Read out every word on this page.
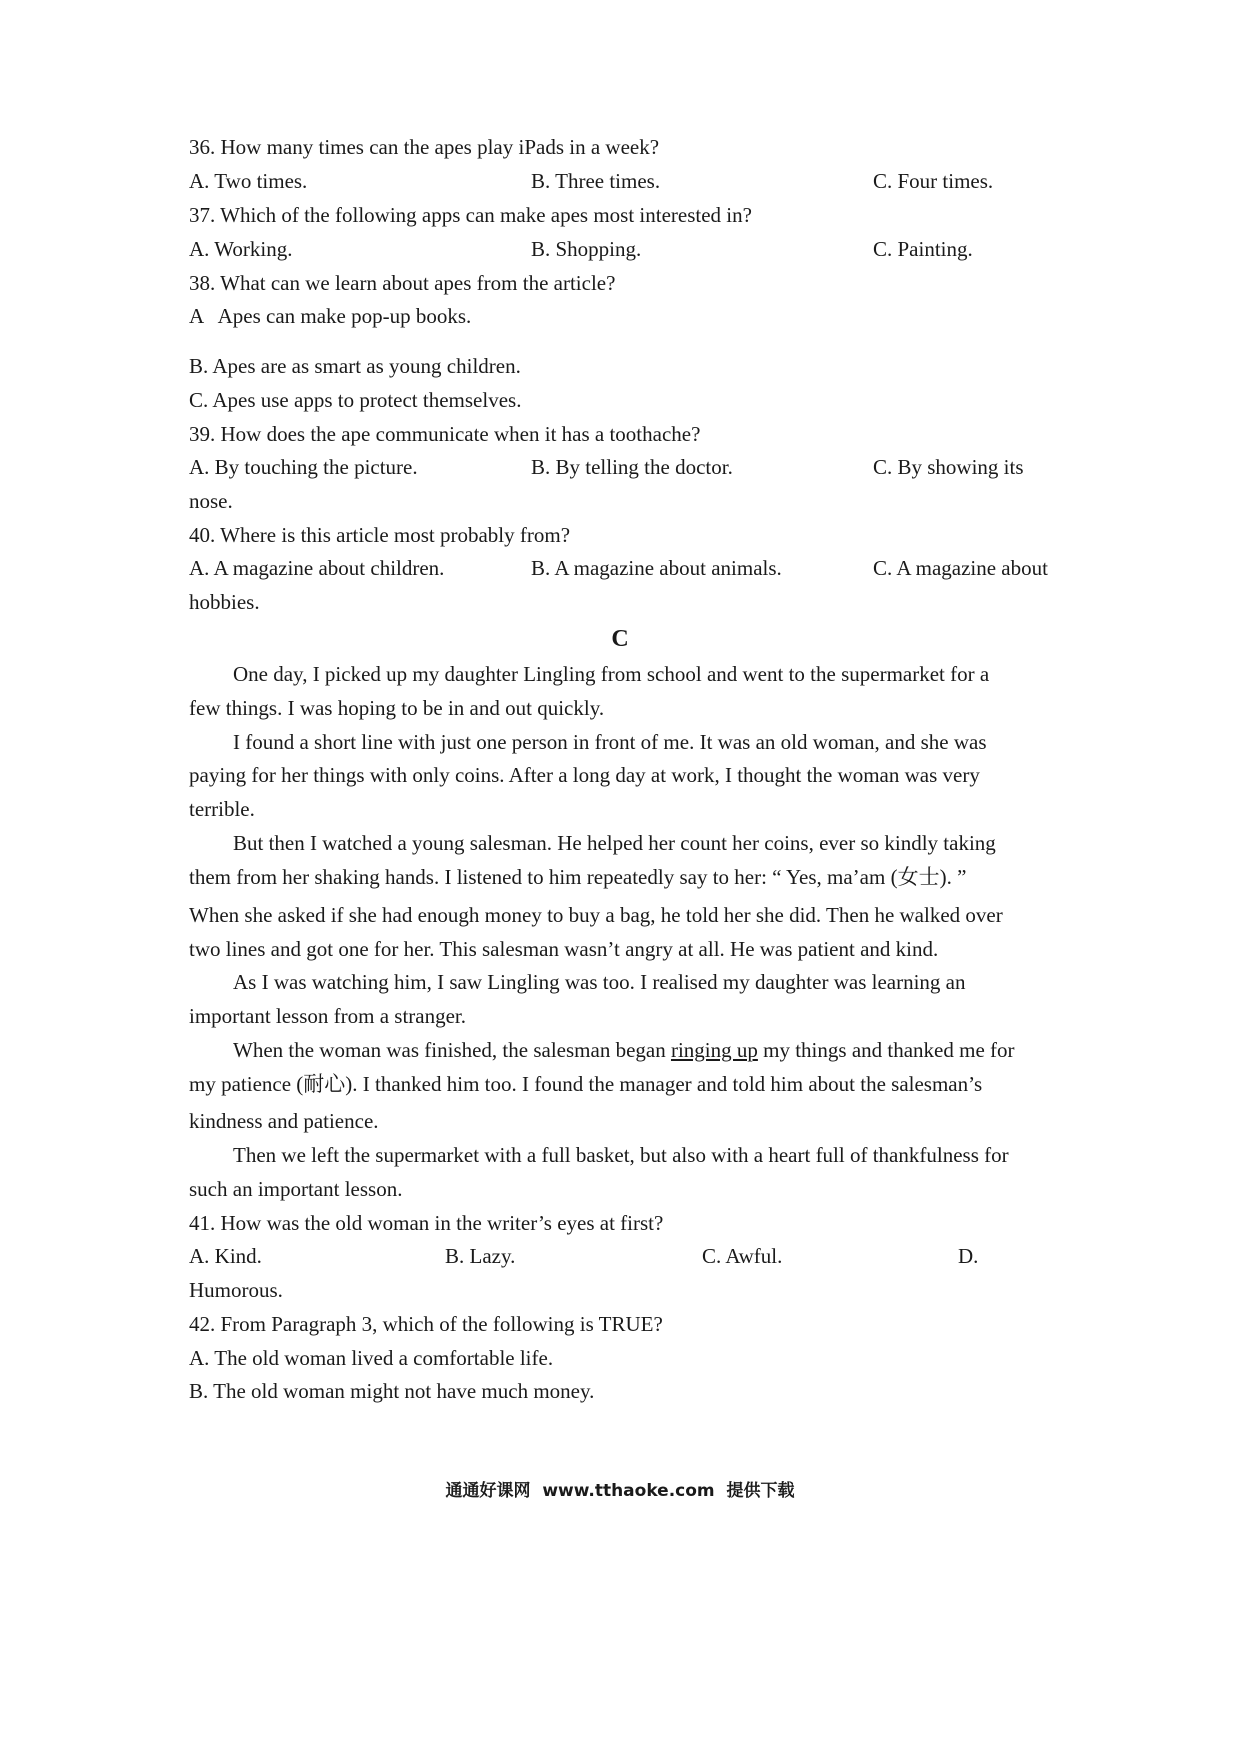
36. How many times can the apes play iPads in a week?
A. Two times.	B. Three times.	C. Four times.
37. Which of the following apps can make apes most interested in?
A. Working.	B. Shopping.	C. Painting.
38. What can we learn about apes from the article?
A   Apes can make pop-up books.
B. Apes are as smart as young children.
C. Apes use apps to protect themselves.
39. How does the ape communicate when it has a toothache?
A. By touching the picture.	B. By telling the doctor.	C. By showing its
nose.
40. Where is this article most probably from?
A. A magazine about children.	B. A magazine about animals.	C. A magazine about
hobbies.
C
One day, I picked up my daughter Lingling from school and went to the supermarket for a
few things. I was hoping to be in and out quickly.
I found a short line with just one person in front of me. It was an old woman, and she was
paying for her things with only coins. After a long day at work, I thought the woman was very
terrible.
But then I watched a young salesman. He helped her count her coins, ever so kindly taking
them from her shaking hands. I listened to him repeatedly say to her: “ Yes, ma’am (女士). ”
When she asked if she had enough money to buy a bag, he told her she did. Then he walked over
two lines and got one for her. This salesman wasn’t angry at all. He was patient and kind.
As I was watching him, I saw Lingling was too. I realised my daughter was learning an
important lesson from a stranger.
When the woman was finished, the salesman began ringing up my things and thanked me for
my patience (耐心). I thanked him too. I found the manager and told him about the salesman’s
kindness and patience.
Then we left the supermarket with a full basket, but also with a heart full of thankfulness for
such an important lesson.
41. How was the old woman in the writer’s eyes at first?
A. Kind.	B. Lazy.	C. Awful.	D.
Humorous.
42. From Paragraph 3, which of the following is TRUE?
A. The old woman lived a comfortable life.
B. The old woman might not have much money.
通通好课网  www.tthaoke.com  提供下载
